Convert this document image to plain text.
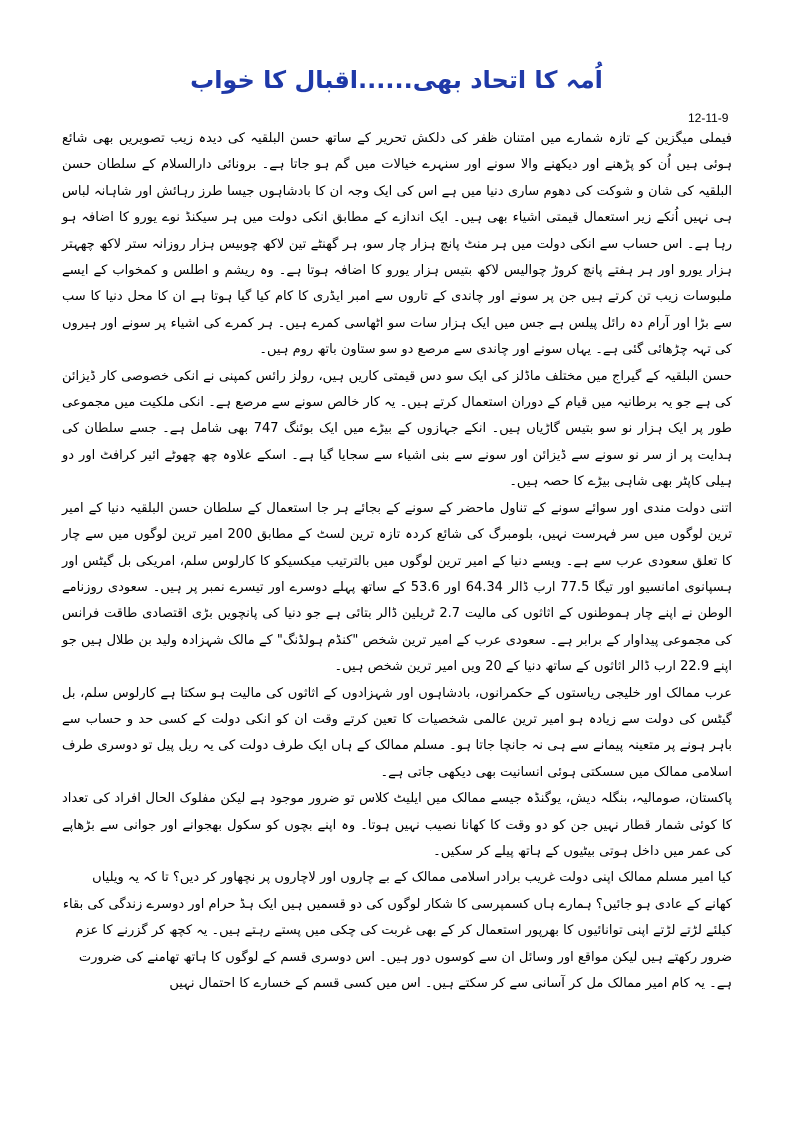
اُمہ کا اتحاد بھی......اقبال کا خواب
12-11-9

فیملی میگزین کے تازہ شمارے میں امتنان ظفر کی دلکش تحریر کے ساتھ حسن البلقیہ کی دیدہ زیب تصویریں بھی شائع ہوئی ہیں اُن کو پڑھنے اور دیکھنے والا سونے اور سنہرے خیالات میں گم ہو جاتا ہے۔ برونائی دارالسلام کے سلطان حسن البلقیہ کی شان و شوکت کی دھوم ساری دنیا میں ہے اس کی ایک وجہ ان کا بادشاہوں جیسا طرز رہائش اور شاہانہ لباس ہی نہیں اُنکے زیر استعمال قیمتی اشیاء بھی ہیں۔ ایک اندازے کے مطابق انکی دولت میں ہر سیکنڈ نوے یورو کا اضافہ ہو رہا ہے۔ اس حساب سے انکی دولت میں ہر منٹ پانچ ہزار چار سو، ہر گھنٹے تین لاکھ چوبیس ہزار روزانہ ستر لاکھ چھہتر ہزار یورو اور ہر ہفتے پانچ کروڑ چوالیس لاکھ بتیس ہزار یورو کا اضافہ ہوتا ہے۔ وہ ریشم و اطلس و کمخواب کے ایسے ملبوسات زیب تن کرتے ہیں جن پر سونے اور چاندی کے تاروں سے امبر ایڈری کا کام کیا گیا ہوتا ہے ان کا محل دنیا کا سب سے بڑا اور آرام دہ رائل پیلس ہے جس میں ایک ہزار سات سو اٹھاسی کمرے ہیں۔ ہر کمرے کی اشیاء پر سونے اور ہیروں کی تہہ چڑھائی گئی ہے۔ یہاں سونے اور چاندی سے مرصع دو سو ستاون باتھ روم ہیں۔

حسن البلقیہ کے گیراج میں مختلف ماڈلز کی ایک سو دس قیمتی کاریں ہیں، رولز رائس کمپنی نے انکی خصوصی کار ڈیزائن کی ہے جو یہ برطانیہ میں قیام کے دوران استعمال کرتے ہیں۔ یہ کار خالص سونے سے مرصع ہے۔ انکی ملکیت میں مجموعی طور پر ایک ہزار نو سو بتیس گاڑیاں ہیں۔ انکے جہازوں کے بیڑے میں ایک بوئنگ 747 بھی شامل ہے۔ جسے سلطان کی ہدایت پر از سر نو سونے سے ڈیزائن اور سونے سے بنی اشیاء سے سجایا گیا ہے۔ اسکے علاوہ چھ چھوٹے ائیر کرافٹ اور دو ہیلی کاپٹر بھی شاہی بیڑے کا حصہ ہیں۔

اتنی دولت مندی اور سوائے سونے کے تناول ماحضر کے سونے کے بجائے ہر جا استعمال کے سلطان حسن البلقیہ دنیا کے امیر ترین لوگوں میں سر فہرست نہیں، بلومبرگ کی شائع کردہ تازہ ترین لسٹ کے مطابق 200 امیر ترین لوگوں میں سے چار کا تعلق سعودی عرب سے ہے۔ ویسے دنیا کے امیر ترین لوگوں میں بالترتیب میکسیکو کا کارلوس سلم، امریکی بل گیٹس اور ہسپانوی امانسیو اور تیگا 77.5 ارب ڈالر 64.34 اور 53.6 کے ساتھ پہلے دوسرے اور تیسرے نمبر پر ہیں۔ سعودی روزنامے الوطن نے اپنے چار ہموطنوں کے اثاثوں کی مالیت 2.7 ٹریلین ڈالر بتائی ہے جو دنیا کی پانچویں بڑی اقتصادی طاقت فرانس کی مجموعی پیداوار کے برابر ہے۔ سعودی عرب کے امیر ترین شخص "کنڈم ہولڈنگ" کے مالک شہزادہ ولید بن طلال ہیں جو اپنے 22.9 ارب ڈالر اثاثوں کے ساتھ دنیا کے 20 ویں امیر ترین شخص ہیں۔

عرب ممالک اور خلیجی ریاستوں کے حکمرانوں، بادشاہوں اور شہزادوں کے اثاثوں کی مالیت ہو سکتا ہے کارلوس سلم، بل گیٹس کی دولت سے زیادہ ہو امیر ترین عالمی شخصیات کا تعین کرتے وقت ان کو انکی دولت کے کسی حد و حساب سے باہر ہونے پر متعینہ پیمانے سے ہی نہ جانچا جاتا ہو۔ مسلم ممالک کے ہاں ایک طرف دولت کی یہ ریل پیل تو دوسری طرف اسلامی ممالک میں سسکتی ہوئی انسانیت بھی دیکھی جاتی ہے۔

پاکستان، صومالیہ، بنگلہ دیش، یوگنڈہ جیسے ممالک میں ایلیٹ کلاس تو ضرور موجود ہے لیکن مفلوک الحال افراد کی تعداد کا کوئی شمار قطار نہیں جن کو دو وقت کا کھانا نصیب نہیں ہوتا۔ وہ اپنے بچوں کو سکول بھجوانے اور جوانی سے بڑھاپے کی عمر میں داخل ہوتی بیٹیوں کے ہاتھ پیلے کر سکیں۔

کیا امیر مسلم ممالک اپنی دولت غریب برادر اسلامی ممالک کے بے چاروں اور لاچاروں پر نچھاور کر دیں؟ تا کہ یہ ویلیاں کھانے کے عادی ہو جائیں؟ ہمارے ہاں کسمپرسی کا شکار لوگوں کی دو قسمیں ہیں ایک ہڈ حرام اور دوسرے زندگی کی بقاء کیلئے لڑتے لڑتے اپنی توانائیوں کا بھرپور استعمال کر کے بھی غربت کی چکی میں پستے رہتے ہیں۔ یہ کچھ کر گزرنے کا عزم ضرور رکھتے ہیں لیکن مواقع اور وسائل ان سے کوسوں دور ہیں۔ اس دوسری قسم کے لوگوں کا ہاتھ تھامنے کی ضرورت ہے۔ یہ کام امیر ممالک مل کر آسانی سے کر سکتے ہیں۔ اس میں کسی قسم کے خسارے کا احتمال نہیں
